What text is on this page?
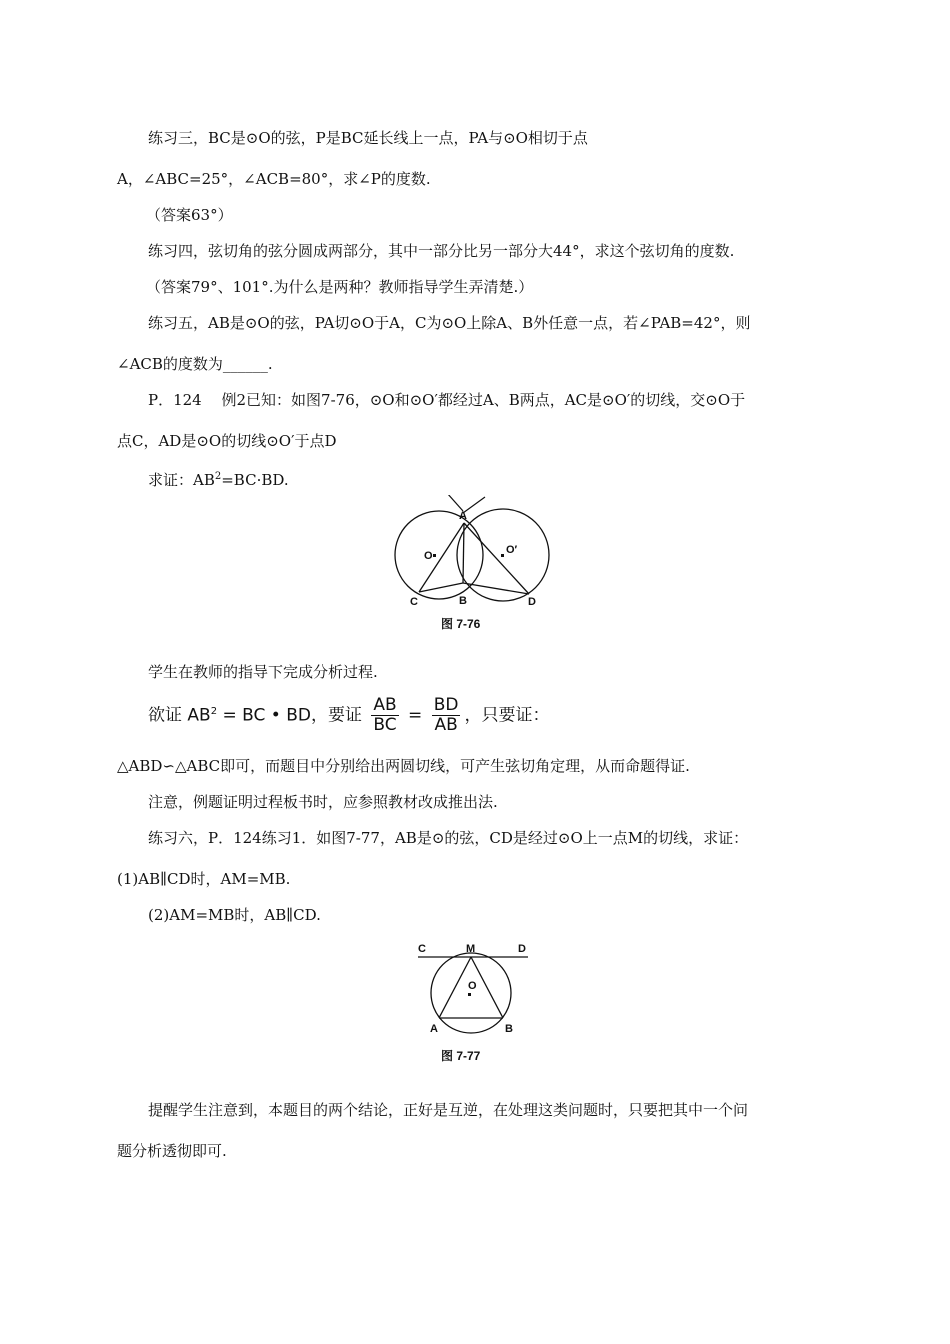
练习三，BC是⊙O的弦，P是BC延长线上一点，PA与⊙O相切于点
A，∠ABC=25°，∠ACB=80°，求∠P的度数.
（答案63°）
练习四，弦切角的弦分圆成两部分，其中一部分比另一部分大44°，求这个弦切角的度数.
（答案79°、101°.为什么是两种？教师指导学生弄清楚.）
练习五，AB是⊙O的弦，PA切⊙O于A，C为⊙O上除A、B外任意一点，若∠PAB=42°，则
∠ACB的度数为______.
P．124　 例2已知：如图7-76，⊙O和⊙O′都经过A、B两点，AC是⊙O′的切线，交⊙O于
点C，AD是⊙O的切线⊙O′于点D
求证：$AB^2=BC\cdot BD$.
A
O	O′
C	B	D
图 7-76
学生在教师的指导下完成分析过程.
欲证 $AB^2$ = BC • BD，要证 $\frac{AB}{BC} = \frac{BD}{AB}$ ，只要证：
△ABD∽△ABC即可，而题目中分别给出两圆切线，可产生弦切角定理，从而命题得证.
注意，例题证明过程板书时，应参照教材改成推出法.
练习六，P．124练习1．如图7-77，AB是⊙的弦，CD是经过⊙O上一点M的切线，求证：
(1)AB∥CD时，AM=MB.
(2)AM=MB时，AB∥CD.
C	M	D
O
A	B
图 7-77
提醒学生注意到，本题目的两个结论，正好是互逆，在处理这类问题时，只要把其中一个问
题分析透彻即可.
